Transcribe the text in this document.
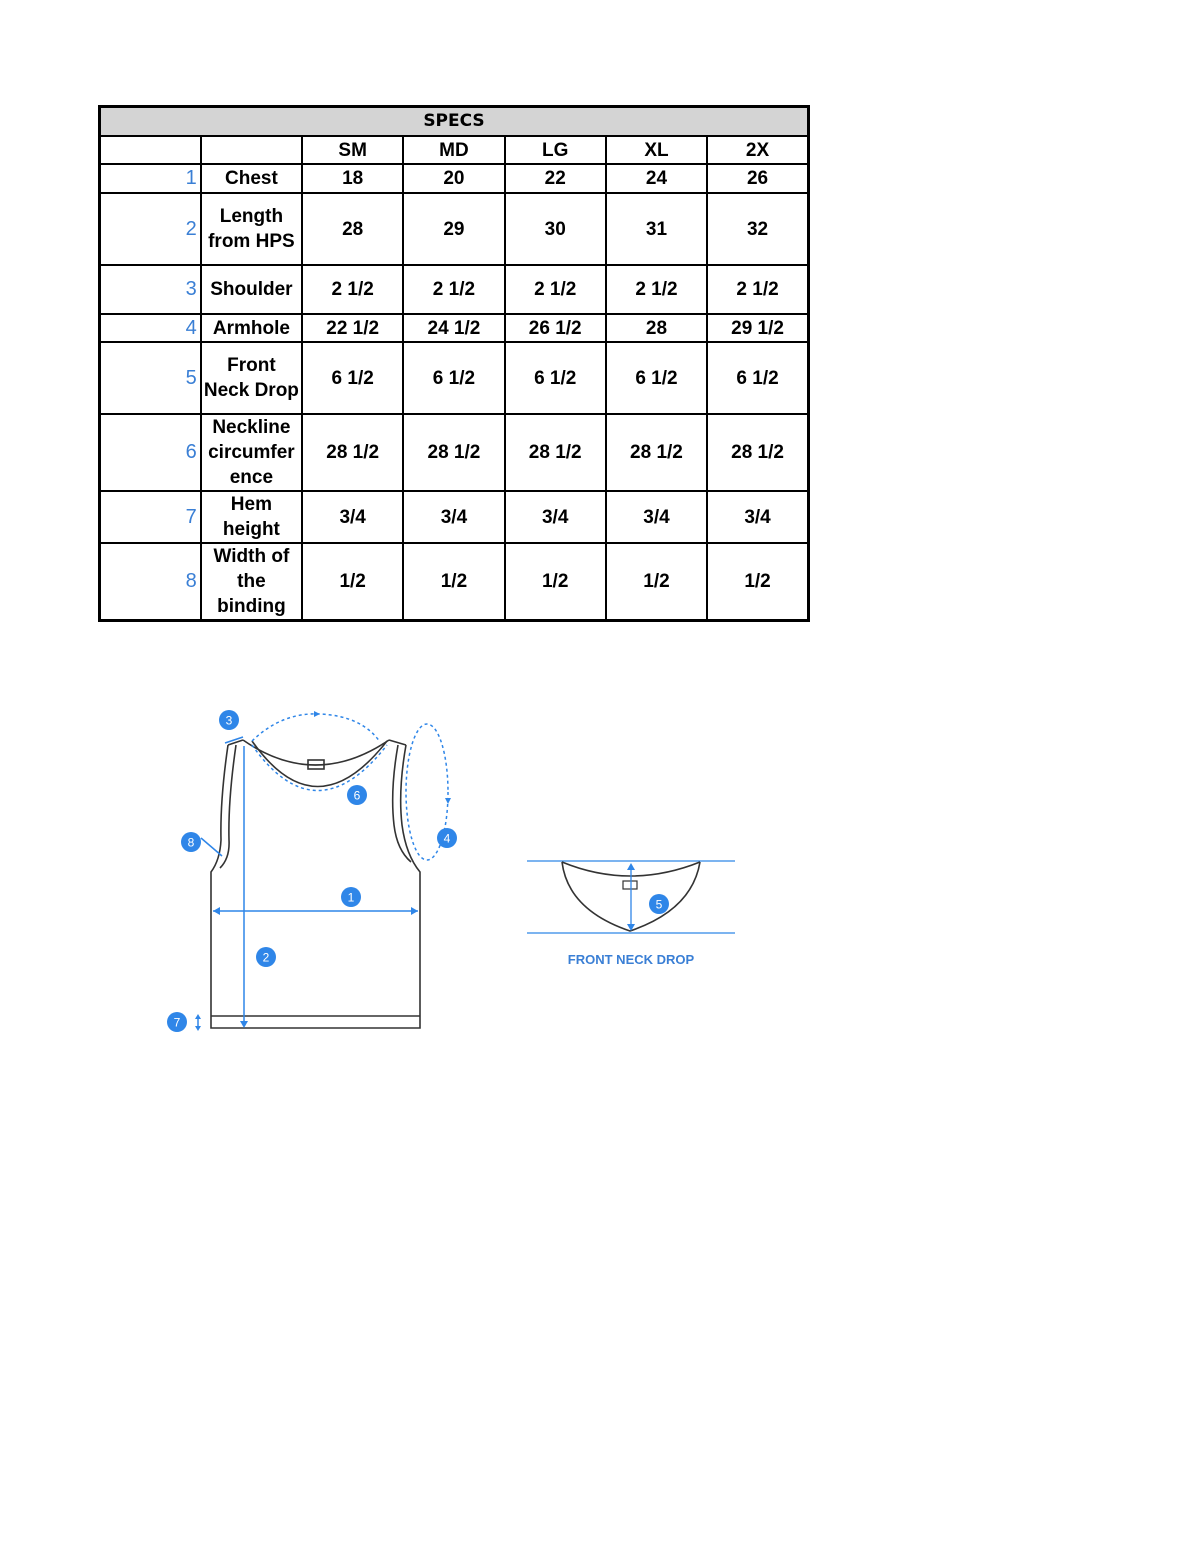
SPECS						
		SM	MD	LG	XL	2X
1	Chest	18	20	22	24	26
2	Length from HPS	28	29	30	31	32
3	Shoulder	2 1/2	2 1/2	2 1/2	2 1/2	2 1/2
4	Armhole	22 1/2	24 1/2	26 1/2	28	29 1/2
5	Front Neck Drop	6 1/2	6 1/2	6 1/2	6 1/2	6 1/2
6	Neckline circumfer ence	28 1/2	28 1/2	28 1/2	28 1/2	28 1/2
7	Hem height	3/4	3/4	3/4	3/4	3/4
8	Width of the binding	1/2	1/2	1/2	1/2	1/2
1
2
3
4
5
6
7
8
FRONT NECK DROP
